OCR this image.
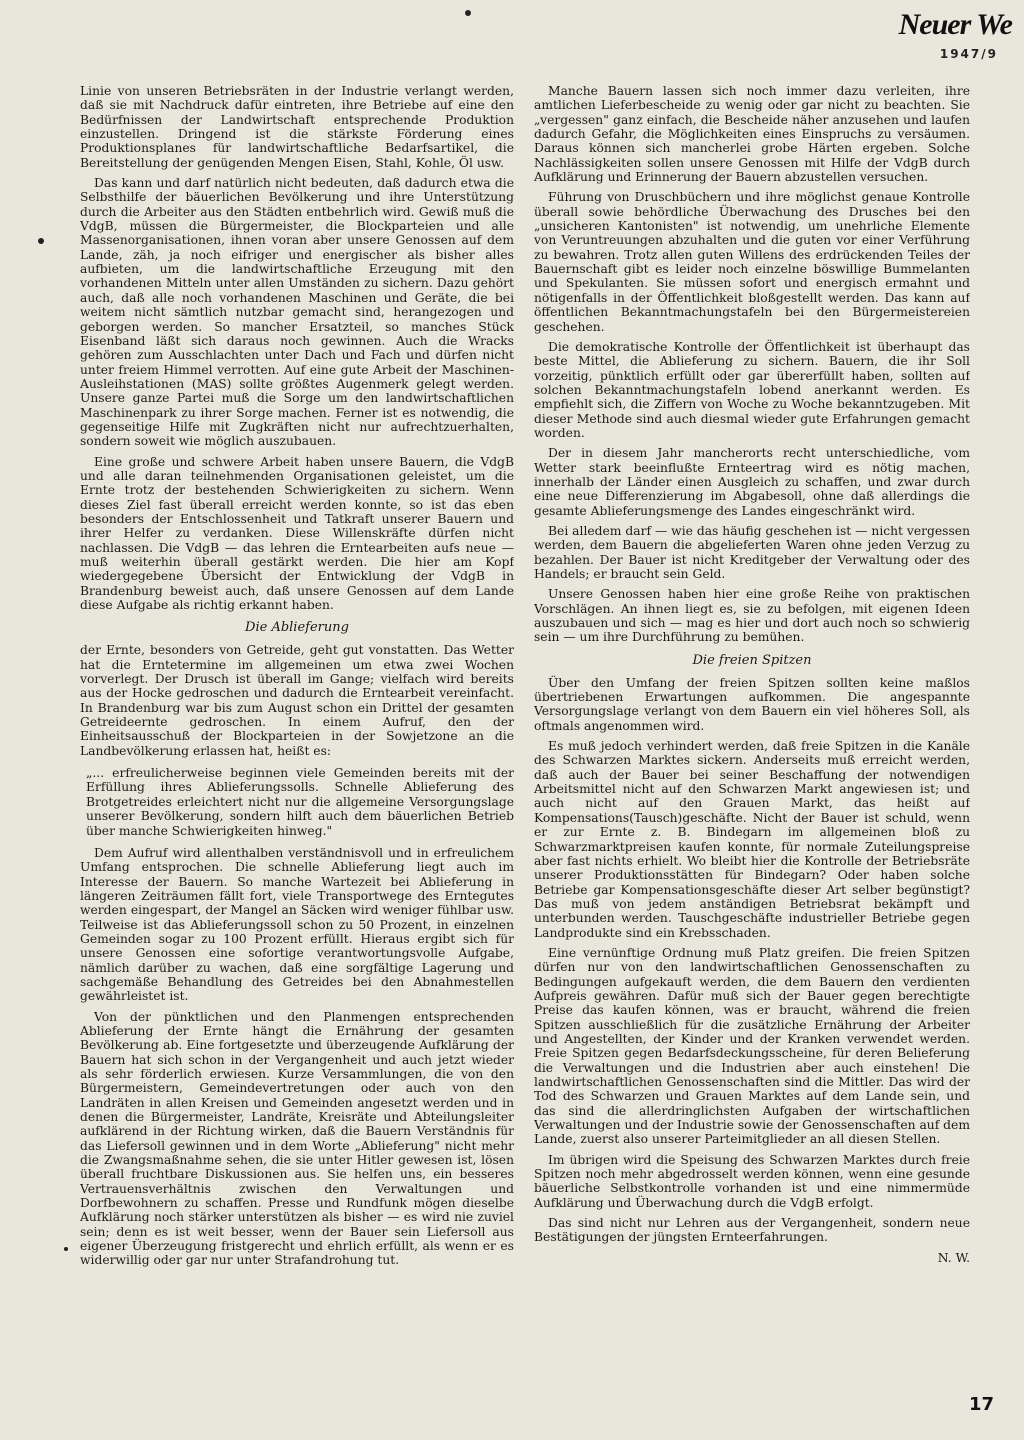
Neuer We
1947/9

Linie von unseren Betriebsräten in der Industrie verlangt werden, daß sie mit Nachdruck dafür eintreten, ihre Betriebe auf eine den Bedürfnissen der Landwirtschaft entsprechende Produktion einzustellen. Dringend ist die stärkste Förderung eines Produktionsplanes für landwirtschaftliche Bedarfsartikel, die Bereitstellung der genügenden Mengen Eisen, Stahl, Kohle, Öl usw.

Das kann und darf natürlich nicht bedeuten, daß dadurch etwa die Selbsthilfe der bäuerlichen Bevölkerung und ihre Unterstützung durch die Arbeiter aus den Städten entbehrlich wird. Gewiß muß die VdgB, müssen die Bürgermeister, die Blockparteien und alle Massenorganisationen, ihnen voran aber unsere Genossen auf dem Lande, zäh, ja noch eifriger und energischer als bisher alles aufbieten, um die landwirtschaftliche Erzeugung mit den vorhandenen Mitteln unter allen Umständen zu sichern. Dazu gehört auch, daß alle noch vorhandenen Maschinen und Geräte, die bei weitem nicht sämtlich nutzbar gemacht sind, herangezogen und geborgen werden. So mancher Ersatzteil, so manches Stück Eisenband läßt sich daraus noch gewinnen. Auch die Wracks gehören zum Ausschlachten unter Dach und Fach und dürfen nicht unter freiem Himmel verrotten. Auf eine gute Arbeit der Maschinen-Ausleihstationen (MAS) sollte größtes Augenmerk gelegt werden. Unsere ganze Partei muß die Sorge um den landwirtschaftlichen Maschinenpark zu ihrer Sorge machen. Ferner ist es notwendig, die gegenseitige Hilfe mit Zugkräften nicht nur aufrechtzuerhalten, sondern soweit wie möglich auszubauen.

Eine große und schwere Arbeit haben unsere Bauern, die VdgB und alle daran teilnehmenden Organisationen geleistet, um die Ernte trotz der bestehenden Schwierigkeiten zu sichern. Wenn dieses Ziel fast überall erreicht werden konnte, so ist das eben besonders der Entschlossenheit und Tatkraft unserer Bauern und ihrer Helfer zu verdanken. Diese Willenskräfte dürfen nicht nachlassen. Die VdgB — das lehren die Erntearbeiten aufs neue — muß weiterhin überall gestärkt werden. Die hier am Kopf wiedergegebene Übersicht der Entwicklung der VdgB in Brandenburg beweist auch, daß unsere Genossen auf dem Lande diese Aufgabe als richtig erkannt haben.

Die Ablieferung

der Ernte, besonders von Getreide, geht gut vonstatten. Das Wetter hat die Erntetermine im allgemeinen um etwa zwei Wochen vorverlegt. Der Drusch ist überall im Gange; vielfach wird bereits aus der Hocke gedroschen und dadurch die Erntearbeit vereinfacht. In Brandenburg war bis zum August schon ein Drittel der gesamten Getreideernte gedroschen. In einem Aufruf, den der Einheitsausschuß der Blockparteien in der Sowjetzone an die Landbevölkerung erlassen hat, heißt es:

„... erfreulicherweise beginnen viele Gemeinden bereits mit der Erfüllung ihres Ablieferungssolls. Schnelle Ablieferung des Brotgetreides erleichtert nicht nur die allgemeine Versorgungslage unserer Bevölkerung, sondern hilft auch dem bäuerlichen Betrieb über manche Schwierigkeiten hinweg."

Dem Aufruf wird allenthalben verständnisvoll und in erfreulichem Umfang entsprochen. Die schnelle Ablieferung liegt auch im Interesse der Bauern. So manche Wartezeit bei Ablieferung in längeren Zeiträumen fällt fort, viele Transportwege des Erntegutes werden eingespart, der Mangel an Säcken wird weniger fühlbar usw. Teilweise ist das Ablieferungssoll schon zu 50 Prozent, in einzelnen Gemeinden sogar zu 100 Prozent erfüllt. Hieraus ergibt sich für unsere Genossen eine sofortige verantwortungsvolle Aufgabe, nämlich darüber zu wachen, daß eine sorgfältige Lagerung und sachgemäße Behandlung des Getreides bei den Abnahmestellen gewährleistet ist.

Von der pünktlichen und den Planmengen entsprechenden Ablieferung der Ernte hängt die Ernährung der gesamten Bevölkerung ab. Eine fortgesetzte und überzeugende Aufklärung der Bauern hat sich schon in der Vergangenheit und auch jetzt wieder als sehr förderlich erwiesen. Kurze Versammlungen, die von den Bürgermeistern, Gemeindevertretungen oder auch von den Landräten in allen Kreisen und Gemeinden angesetzt werden und in denen die Bürgermeister, Landräte, Kreisräte und Abteilungsleiter aufklärend in der Richtung wirken, daß die Bauern Verständnis für das Liefersoll gewinnen und in dem Worte „Ablieferung" nicht mehr die Zwangsmaßnahme sehen, die sie unter Hitler gewesen ist, lösen überall fruchtbare Diskussionen aus. Sie helfen uns, ein besseres Vertrauensverhältnis zwischen den Verwaltungen und Dorfbewohnern zu schaffen. Presse und Rundfunk mögen dieselbe Aufklärung noch stärker unterstützen als bisher — es wird nie zuviel sein; denn es ist weit besser, wenn der Bauer sein Liefersoll aus eigener Überzeugung fristgerecht und ehrlich erfüllt, als wenn er es widerwillig oder gar nur unter Strafandrohung tut.

Manche Bauern lassen sich noch immer dazu verleiten, ihre amtlichen Lieferbescheide zu wenig oder gar nicht zu beachten. Sie „vergessen" ganz einfach, die Bescheide näher anzusehen und laufen dadurch Gefahr, die Möglichkeiten eines Einspruchs zu versäumen. Daraus können sich mancherlei grobe Härten ergeben. Solche Nachlässigkeiten sollen unsere Genossen mit Hilfe der VdgB durch Aufklärung und Erinnerung der Bauern abzustellen versuchen.

Führung von Druschbüchern und ihre möglichst genaue Kontrolle überall sowie behördliche Überwachung des Drusches bei den „unsicheren Kantonisten" ist notwendig, um unehrliche Elemente von Veruntreuungen abzuhalten und die guten vor einer Verführung zu bewahren. Trotz allen guten Willens des erdrückenden Teiles der Bauernschaft gibt es leider noch einzelne böswillige Bummelanten und Spekulanten. Sie müssen sofort und energisch ermahnt und nötigenfalls in der Öffentlichkeit bloßgestellt werden. Das kann auf öffentlichen Bekanntmachungstafeln bei den Bürgermeistereien geschehen.

Die demokratische Kontrolle der Öffentlichkeit ist überhaupt das beste Mittel, die Ablieferung zu sichern. Bauern, die ihr Soll vorzeitig, pünktlich erfüllt oder gar übererfüllt haben, sollten auf solchen Bekanntmachungstafeln lobend anerkannt werden. Es empfiehlt sich, die Ziffern von Woche zu Woche bekanntzugeben. Mit dieser Methode sind auch diesmal wieder gute Erfahrungen gemacht worden.

Der in diesem Jahr mancherorts recht unterschiedliche, vom Wetter stark beeinflußte Ernteertrag wird es nötig machen, innerhalb der Länder einen Ausgleich zu schaffen, und zwar durch eine neue Differenzierung im Abgabesoll, ohne daß allerdings die gesamte Ablieferungsmenge des Landes eingeschränkt wird.

Bei alledem darf — wie das häufig geschehen ist — nicht vergessen werden, dem Bauern die abgelieferten Waren ohne jeden Verzug zu bezahlen. Der Bauer ist nicht Kreditgeber der Verwaltung oder des Handels; er braucht sein Geld.

Unsere Genossen haben hier eine große Reihe von praktischen Vorschlägen. An ihnen liegt es, sie zu befolgen, mit eigenen Ideen auszubauen und sich — mag es hier und dort auch noch so schwierig sein — um ihre Durchführung zu bemühen.

Die freien Spitzen

Über den Umfang der freien Spitzen sollten keine maßlos übertriebenen Erwartungen aufkommen. Die angespannte Versorgungslage verlangt von dem Bauern ein viel höheres Soll, als oftmals angenommen wird.

Es muß jedoch verhindert werden, daß freie Spitzen in die Kanäle des Schwarzen Marktes sickern. Anderseits muß erreicht werden, daß auch der Bauer bei seiner Beschaffung der notwendigen Arbeitsmittel nicht auf den Schwarzen Markt angewiesen ist; und auch nicht auf den Grauen Markt, das heißt auf Kompensations(Tausch)geschäfte. Nicht der Bauer ist schuld, wenn er zur Ernte z. B. Bindegarn im allgemeinen bloß zu Schwarzmarktpreisen kaufen konnte, für normale Zuteilungspreise aber fast nichts erhielt. Wo bleibt hier die Kontrolle der Betriebsräte unserer Produktionsstätten für Bindegarn? Oder haben solche Betriebe gar Kompensationsgeschäfte dieser Art selber begünstigt? Das muß von jedem anständigen Betriebsrat bekämpft und unterbunden werden. Tauschgeschäfte industrieller Betriebe gegen Landprodukte sind ein Krebsschaden.

Eine vernünftige Ordnung muß Platz greifen. Die freien Spitzen dürfen nur von den landwirtschaftlichen Genossenschaften zu Bedingungen aufgekauft werden, die dem Bauern den verdienten Aufpreis gewähren. Dafür muß sich der Bauer gegen berechtigte Preise das kaufen können, was er braucht, während die freien Spitzen ausschließlich für die zusätzliche Ernährung der Arbeiter und Angestellten, der Kinder und der Kranken verwendet werden. Freie Spitzen gegen Bedarfsdeckungsscheine, für deren Belieferung die Verwaltungen und die Industrien aber auch einstehen! Die landwirtschaftlichen Genossenschaften sind die Mittler. Das wird der Tod des Schwarzen und Grauen Marktes auf dem Lande sein, und das sind die allerdringlichsten Aufgaben der wirtschaftlichen Verwaltungen und der Industrie sowie der Genossenschaften auf dem Lande, zuerst also unserer Parteimitglieder an all diesen Stellen.

Im übrigen wird die Speisung des Schwarzen Marktes durch freie Spitzen noch mehr abgedrosselt werden können, wenn eine gesunde bäuerliche Selbstkontrolle vorhanden ist und eine nimmermüde Aufklärung und Überwachung durch die VdgB erfolgt.

Das sind nicht nur Lehren aus der Vergangenheit, sondern neue Bestätigungen der jüngsten Ernteerfahrungen.

N. W.
17
